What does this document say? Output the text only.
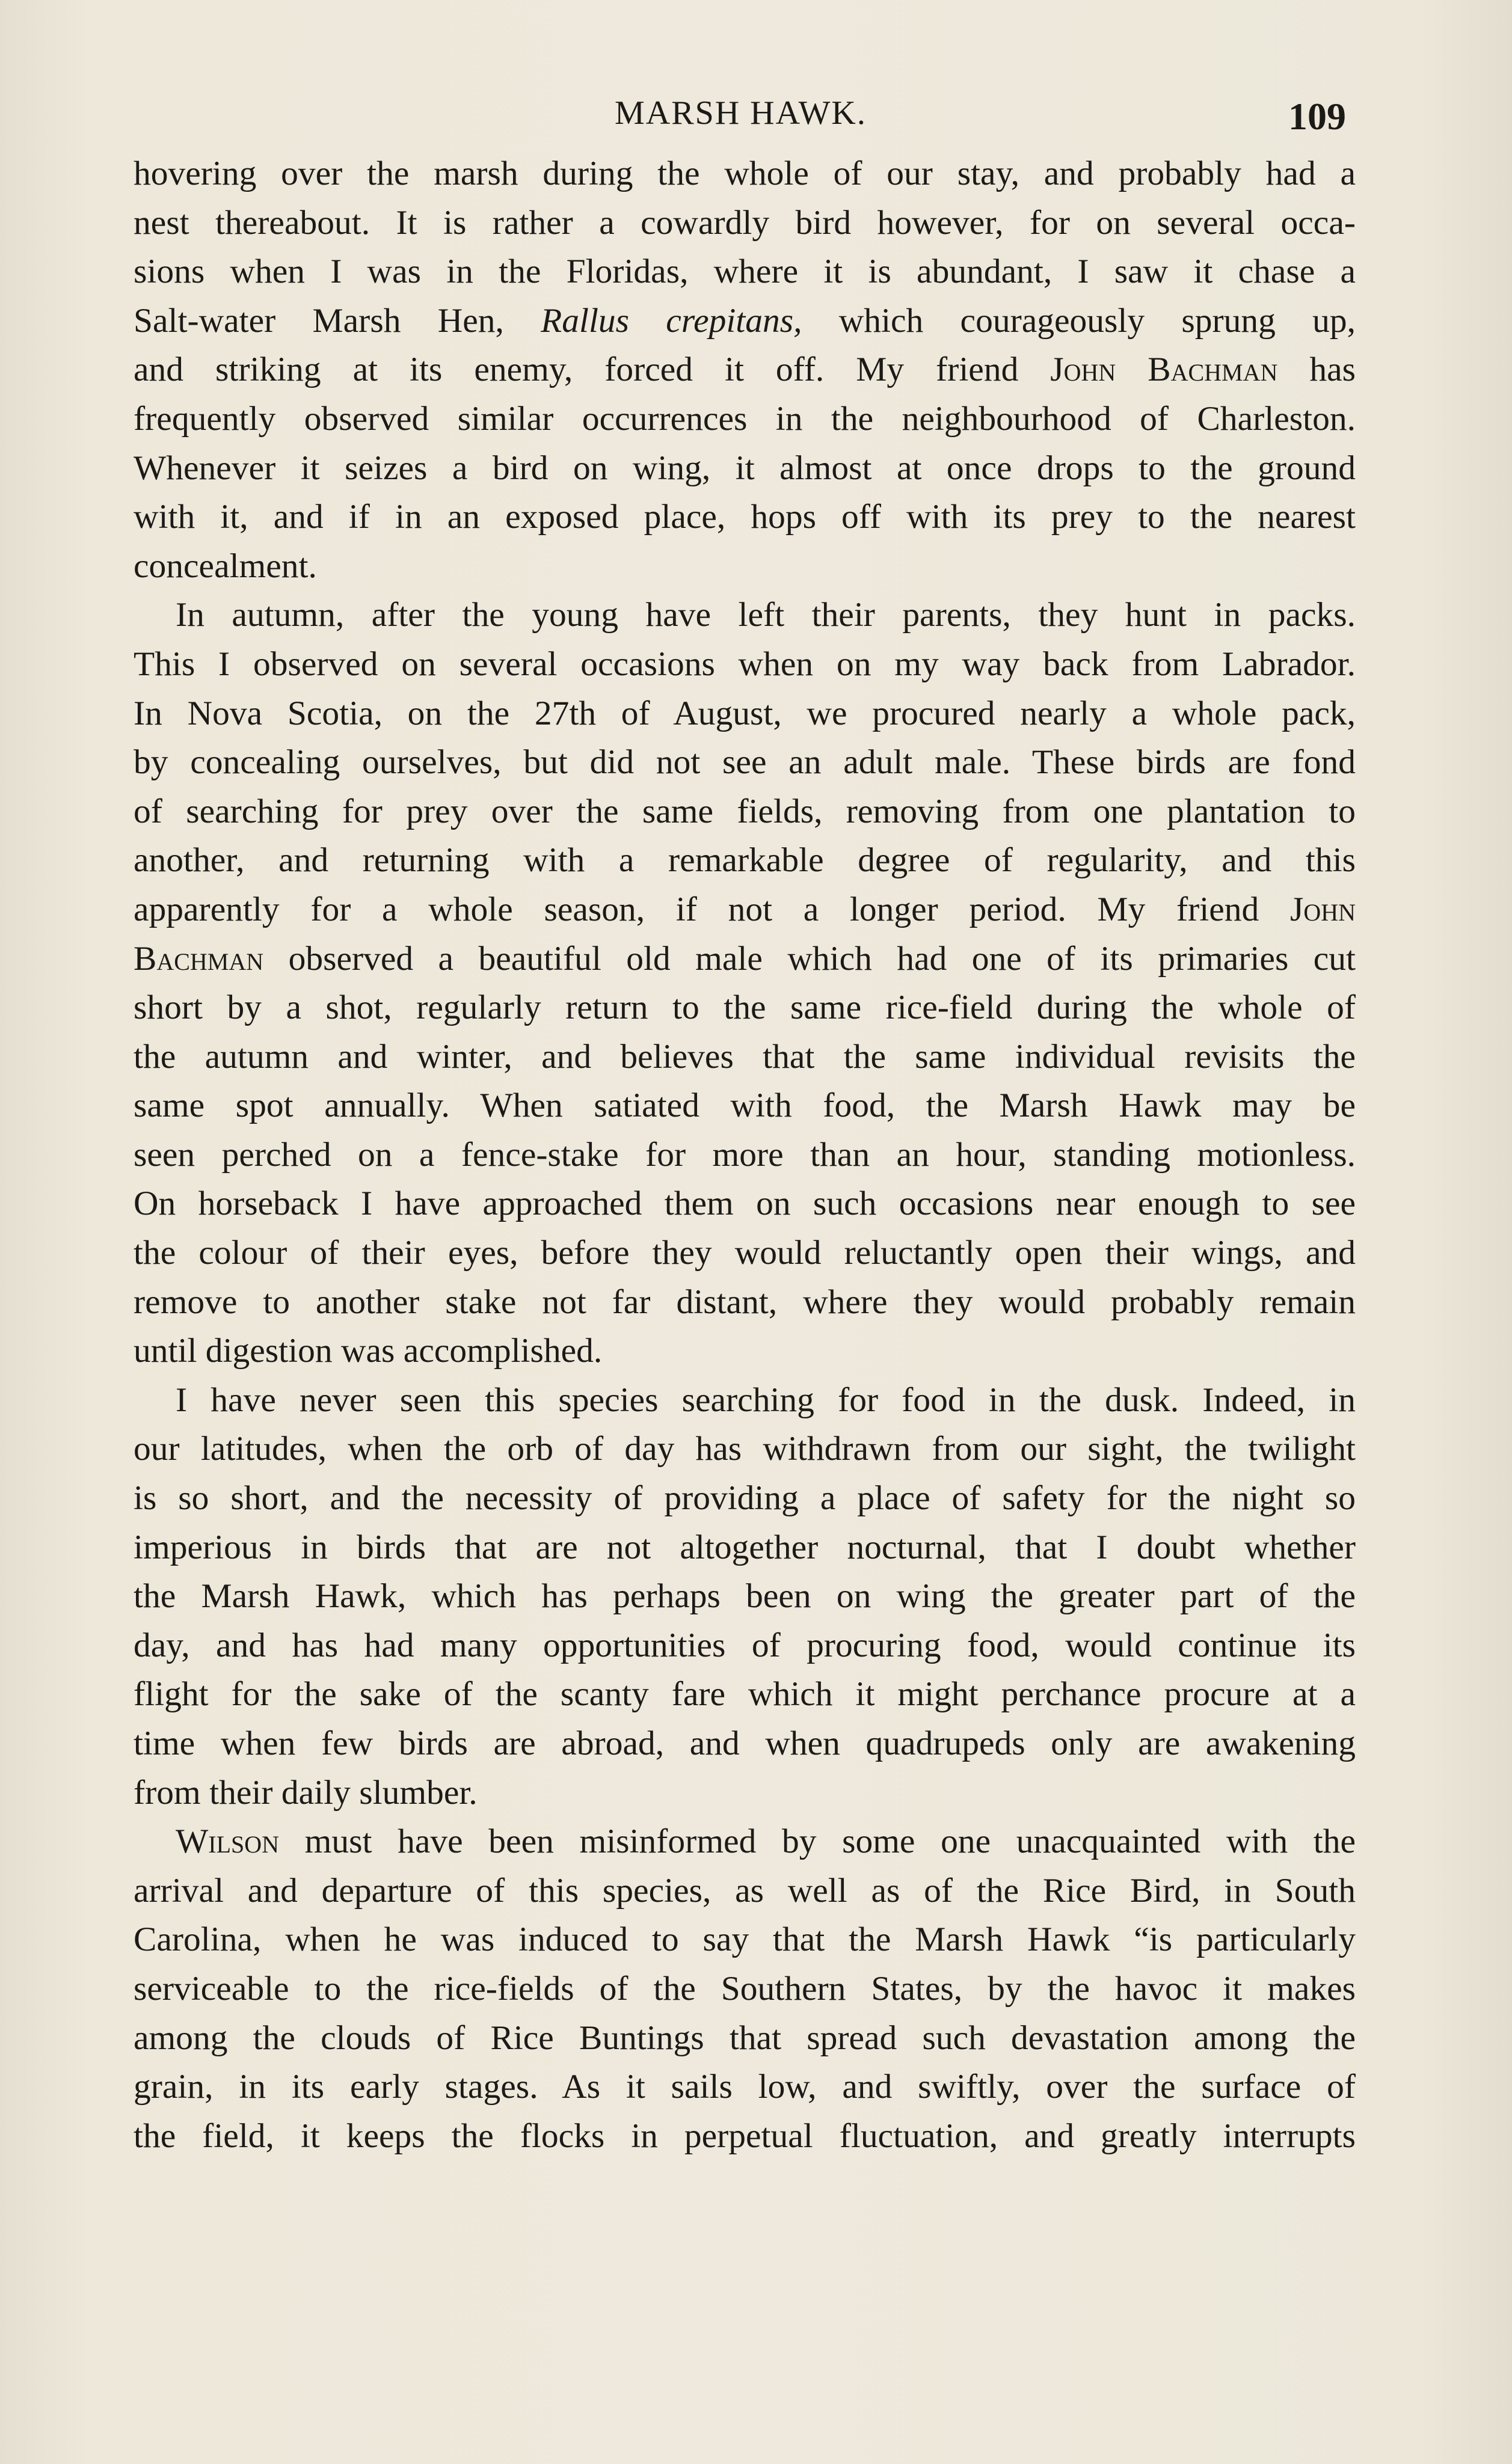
MARSH HAWK.	109
hovering over the marsh during the whole of our stay, and probably had a
nest thereabout. It is rather a cowardly bird however, for on several occa-
sions when I was in the Floridas, where it is abundant, I saw it chase a
Salt-water Marsh Hen, Rallus crepitans, which courageously sprung up,
and striking at its enemy, forced it off. My friend John Bachman has
frequently observed similar occurrences in the neighbourhood of Charleston.
Whenever it seizes a bird on wing, it almost at once drops to the ground
with it, and if in an exposed place, hops off with its prey to the nearest
concealment.
In autumn, after the young have left their parents, they hunt in packs.
This I observed on several occasions when on my way back from Labrador.
In Nova Scotia, on the 27th of August, we procured nearly a whole pack,
by concealing ourselves, but did not see an adult male. These birds are fond
of searching for prey over the same fields, removing from one plantation to
another, and returning with a remarkable degree of regularity, and this
apparently for a whole season, if not a longer period. My friend John
Bachman observed a beautiful old male which had one of its primaries cut
short by a shot, regularly return to the same rice-field during the whole of
the autumn and winter, and believes that the same individual revisits the
same spot annually. When satiated with food, the Marsh Hawk may be
seen perched on a fence-stake for more than an hour, standing motionless.
On horseback I have approached them on such occasions near enough to see
the colour of their eyes, before they would reluctantly open their wings, and
remove to another stake not far distant, where they would probably remain
until digestion was accomplished.
I have never seen this species searching for food in the dusk. Indeed, in
our latitudes, when the orb of day has withdrawn from our sight, the twilight
is so short, and the necessity of providing a place of safety for the night so
imperious in birds that are not altogether nocturnal, that I doubt whether
the Marsh Hawk, which has perhaps been on wing the greater part of the
day, and has had many opportunities of procuring food, would continue its
flight for the sake of the scanty fare which it might perchance procure at a
time when few birds are abroad, and when quadrupeds only are awakening
from their daily slumber.
Wilson must have been misinformed by some one unacquainted with the
arrival and departure of this species, as well as of the Rice Bird, in South
Carolina, when he was induced to say that the Marsh Hawk “is particularly
serviceable to the rice-fields of the Southern States, by the havoc it makes
among the clouds of Rice Buntings that spread such devastation among the
grain, in its early stages. As it sails low, and swiftly, over the surface of
the field, it keeps the flocks in perpetual fluctuation, and greatly interrupts
